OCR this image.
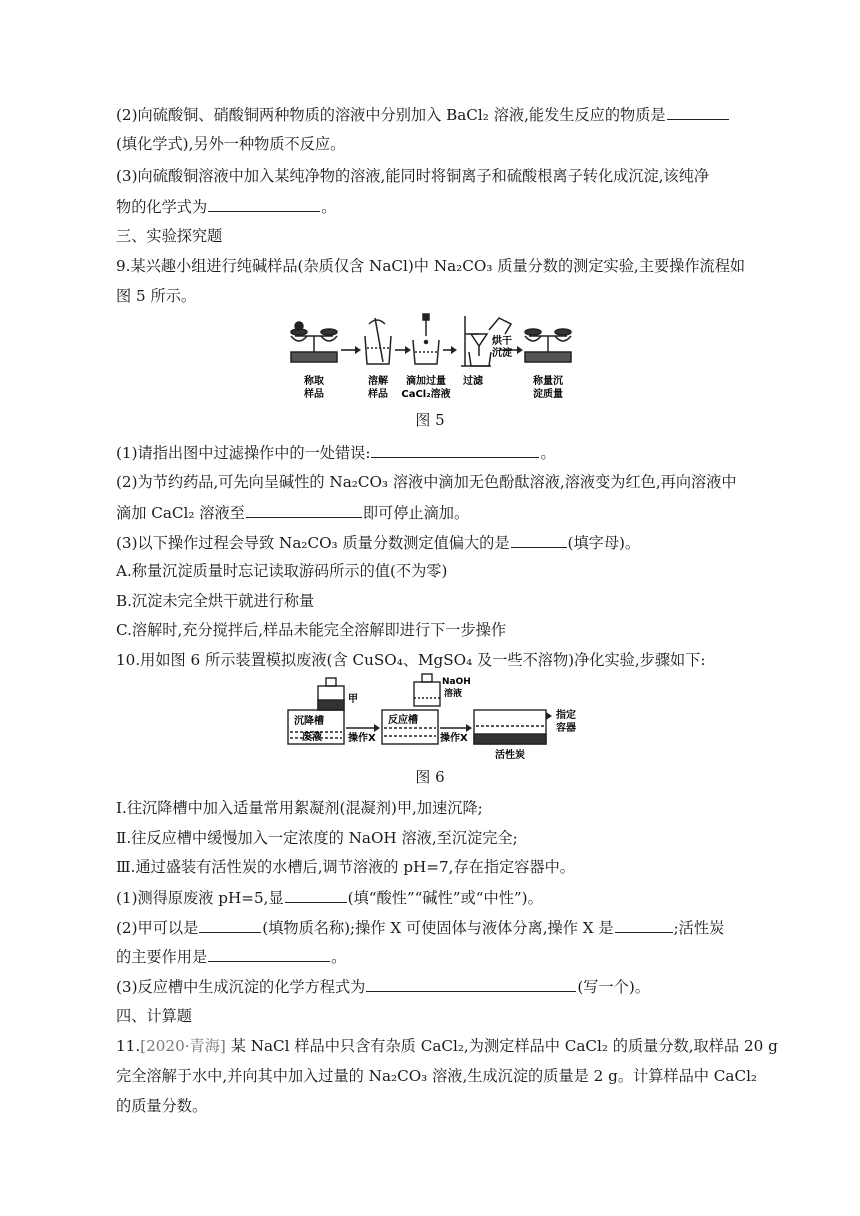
(2)向硫酸铜、硝酸铜两种物质的溶液中分别加入 BaCl₂ 溶液,能发生反应的物质是
(填化学式),另外一种物质不反应。
(3)向硫酸铜溶液中加入某纯净物的溶液,能同时将铜离子和硫酸根离子转化成沉淀,该纯净
物的化学式为	。
三、实验探究题
9.某兴趣小组进行纯碱样品(杂质仅含 NaCl)中 Na₂CO₃ 质量分数的测定实验,主要操作流程如
图 5 所示。
烘干
沉淀
称取
样品
溶解
样品
滴加过量
CaCl₂溶液
过滤	称量沉
淀质量
图 5
(1)请指出图中过滤操作中的一处错误:	。
(2)为节约药品,可先向呈碱性的 Na₂CO₃ 溶液中滴加无色酚酞溶液,溶液变为红色,再向溶液中
滴加 CaCl₂ 溶液至	即可停止滴加。
(3)以下操作过程会导致 Na₂CO₃ 质量分数测定值偏大的是	(填字母)。
A.称量沉淀质量时忘记读取游码所示的值(不为零)
B.沉淀未完全烘干就进行称量
C.溶解时,充分搅拌后,样品未能完全溶解即进行下一步操作
10.用如图 6 所示装置模拟废液(含 CuSO₄、MgSO₄ 及一些不溶物)净化实验,步骤如下:
甲
NaOH
溶液
沉降槽
废液
反应槽
操作X	操作X
活性炭
指定
容器
图 6
Ⅰ.往沉降槽中加入适量常用絮凝剂(混凝剂)甲,加速沉降;
Ⅱ.往反应槽中缓慢加入一定浓度的 NaOH 溶液,至沉淀完全;
Ⅲ.通过盛装有活性炭的水槽后,调节溶液的 pH=7,存在指定容器中。
(1)测得原废液 pH=5,显	(填“酸性”“碱性”或“中性”)。
(2)甲可以是	(填物质名称);操作 X 可使固体与液体分离,操作 X 是	;活性炭
的主要作用是	。
(3)反应槽中生成沉淀的化学方程式为	(写一个)。
四、计算题
11.[2020·青海] 某 NaCl 样品中只含有杂质 CaCl₂,为测定样品中 CaCl₂ 的质量分数,取样品 20 g
完全溶解于水中,并向其中加入过量的 Na₂CO₃ 溶液,生成沉淀的质量是 2 g。计算样品中 CaCl₂
的质量分数。
